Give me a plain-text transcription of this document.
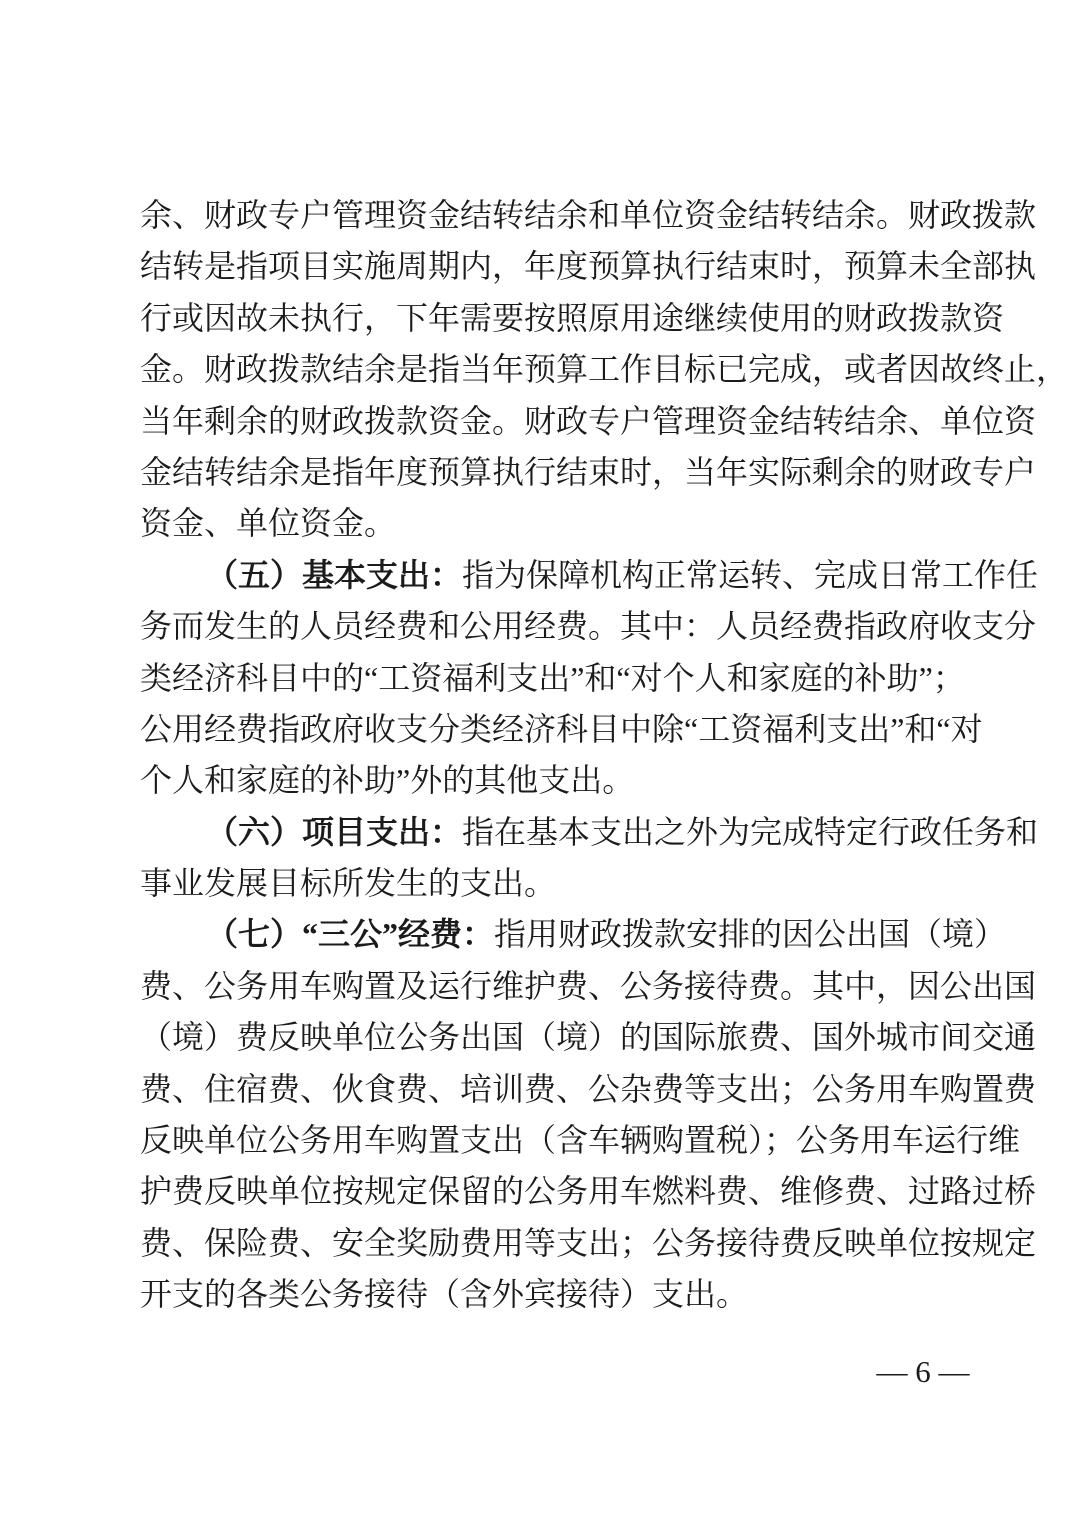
余、财政专户管理资金结转结余和单位资金结转结余。财政拨款
结转是指项目实施周期内，年度预算执行结束时，预算未全部执
行或因故未执行，下年需要按照原用途继续使用的财政拨款资
金。财政拨款结余是指当年预算工作目标已完成，或者因故终止，
当年剩余的财政拨款资金。财政专户管理资金结转结余、单位资
金结转结余是指年度预算执行结束时，当年实际剩余的财政专户
资金、单位资金。
（五）基本支出：指为保障机构正常运转、完成日常工作任
务而发生的人员经费和公用经费。其中：人员经费指政府收支分
类经济科目中的“工资福利支出”和“对个人和家庭的补助”；
公用经费指政府收支分类经济科目中除“工资福利支出”和“对
个人和家庭的补助”外的其他支出。
（六）项目支出：指在基本支出之外为完成特定行政任务和
事业发展目标所发生的支出。
（七）“三公”经费：指用财政拨款安排的因公出国（境）
费、公务用车购置及运行维护费、公务接待费。其中，因公出国
（境）费反映单位公务出国（境）的国际旅费、国外城市间交通
费、住宿费、伙食费、培训费、公杂费等支出；公务用车购置费
反映单位公务用车购置支出（含车辆购置税）；公务用车运行维
护费反映单位按规定保留的公务用车燃料费、维修费、过路过桥
费、保险费、安全奖励费用等支出；公务接待费反映单位按规定
开支的各类公务接待（含外宾接待）支出。
— 6 —
